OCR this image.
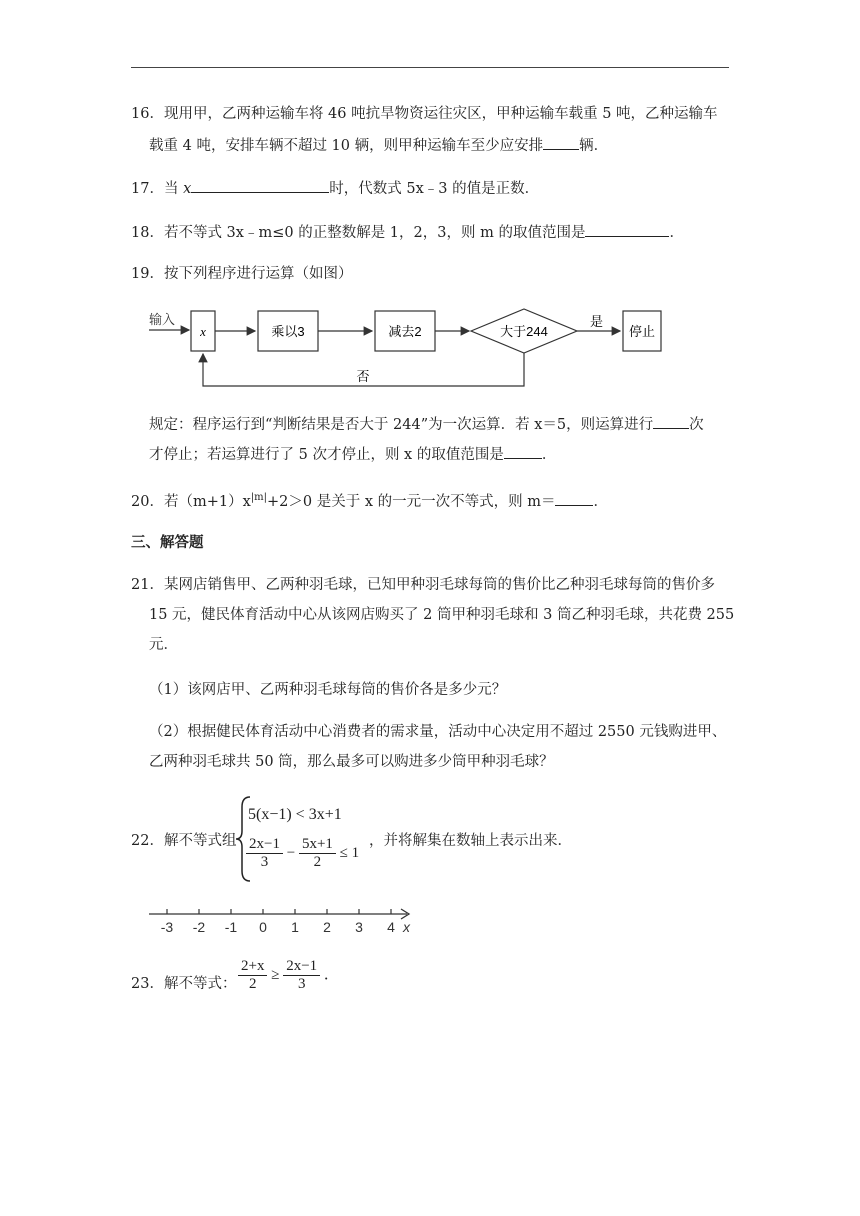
16．现用甲，乙两种运输车将 46 吨抗旱物资运往灾区，甲种运输车载重 5 吨，乙种运输车
载重 4 吨，安排车辆不超过 10 辆，则甲种运输车至少应安排 辆．
17．当 x	时，代数式 5x﹣3 的值是正数．
18．若不等式 3x﹣m≤0 的正整数解是 1，2，3，则 m 的取值范围是	．
19．按下列程序进行运算（如图）
输入
x	乘以3	减去2	大于244
是
停止
否
规定：程序运行到“判断结果是否大于 244”为一次运算．若 x＝5，则运算进行 次
才停止；若运算进行了 5 次才停止，则 x 的取值范围是	．
20．若$(m+1)x^{|m|}+2>0$ 是关于 x 的一元一次不等式，则 m＝	．
三、解答题
21．某网店销售甲、乙两种羽毛球，已知甲种羽毛球每筒的售价比乙种羽毛球每筒的售价多
15 元，健民体育活动中心从该网店购买了 2 筒甲种羽毛球和 3 筒乙种羽毛球，共花费 255
元．
（1）该网店甲、乙两种羽毛球每筒的售价各是多少元？
（2）根据健民体育活动中心消费者的需求量，活动中心决定用不超过 2550 元钱购进甲、
乙两种羽毛球共 50 筒，那么最多可以购进多少筒甲种羽毛球？
22．解不等式组
5(x−1) < 3x+1
$\frac{2x-1}{3} - \frac{5x+1}{2} \le 1$
，并将解集在数轴上表示出来．
-3 -2 -1 0 1 2 3 4 x
23．解不等式： $\frac{2+x}{2} \ge \frac{2x-1}{3}$ ．
